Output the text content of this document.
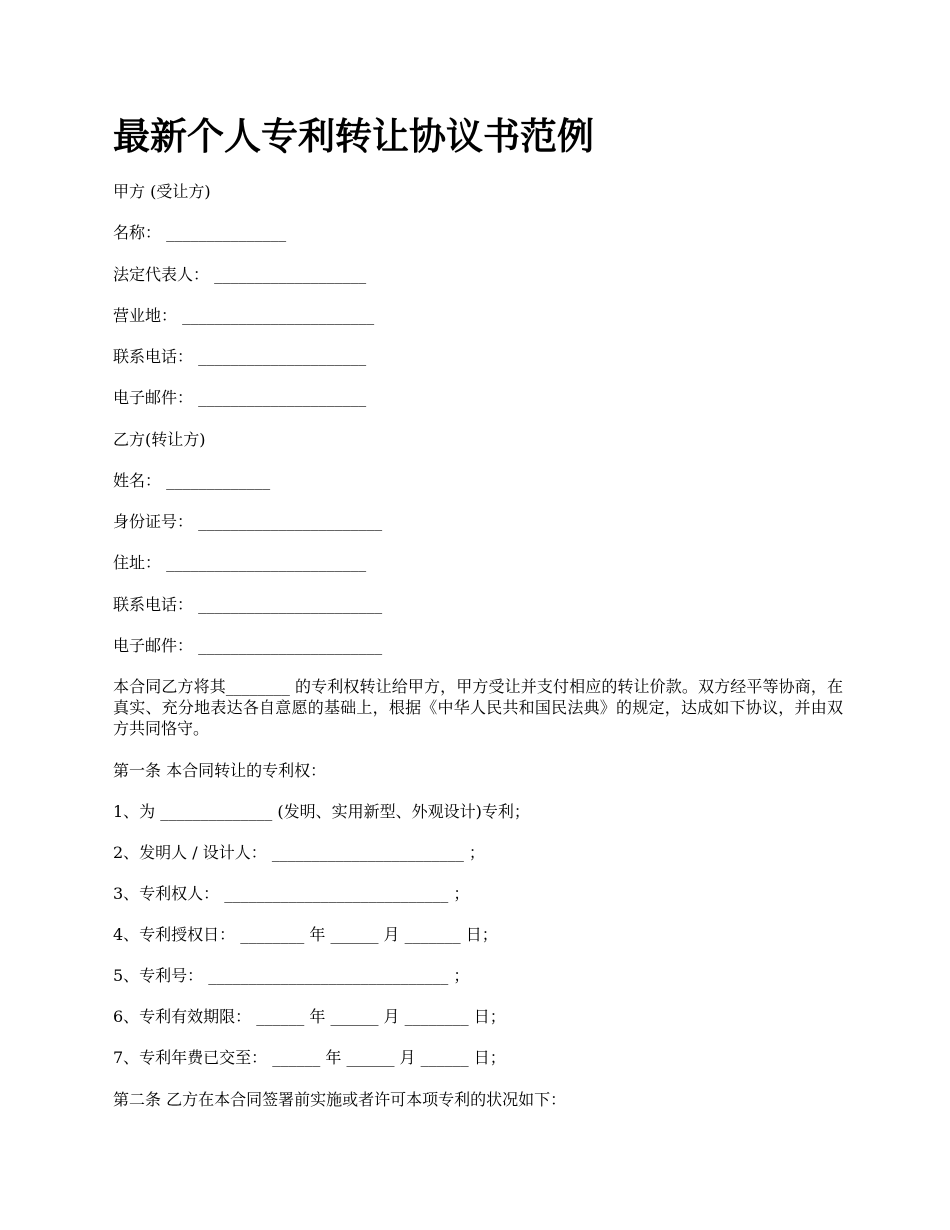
最新个人专利转让协议书范例
甲方 (受让方)
名称： _______________
法定代表人： ___________________
营业地： ________________________
联系电话： _____________________
电子邮件： _____________________
乙方(转让方)
姓名： _____________
身份证号： _______________________
住址： _________________________
联系电话： _______________________
电子邮件： _______________________
本合同乙方将其________ 的专利权转让给甲方，甲方受让并支付相应的转让价款。双方经平等协商，在真实、充分地表达各自意愿的基础上，根据《中华人民共和国民法典》的规定，达成如下协议，并由双方共同恪守。
第一条 本合同转让的专利权：
1、为 ______________ (发明、实用新型、外观设计)专利；
2、发明人 / 设计人： ________________________ ；
3、专利权人： ____________________________ ；
4、专利授权日： ________ 年 ______ 月 _______ 日；
5、专利号： ______________________________ ；
6、专利有效期限： ______ 年 ______ 月 ________ 日；
7、专利年费已交至： ______ 年 ______ 月 ______ 日；
第二条 乙方在本合同签署前实施或者许可本项专利的状况如下：
